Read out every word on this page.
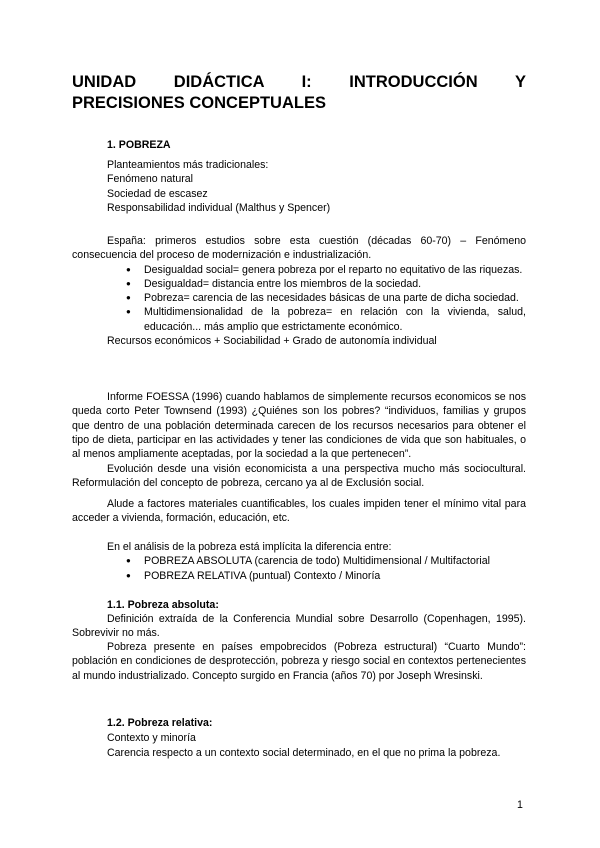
UNIDAD DIDÁCTICA I: INTRODUCCIÓN Y
PRECISIONES CONCEPTUALES
1. POBREZA
Planteamientos más tradicionales:
Fenómeno natural
Sociedad de escasez
Responsabilidad individual (Malthus y Spencer)
España: primeros estudios sobre esta cuestión (décadas 60-70) – Fenómeno consecuencia del proceso de modernización e industrialización.
● Desigualdad social= genera pobreza por el reparto no equitativo de las riquezas.
● Desigualdad= distancia entre los miembros de la sociedad.
● Pobreza= carencia de las necesidades básicas de una parte de dicha sociedad.
● Multidimensionalidad de la pobreza= en relación con la vivienda, salud, educación... más amplio que estrictamente económico.
Recursos económicos + Sociabilidad + Grado de autonomía individual
Informe FOESSA (1996) cuando hablamos de simplemente recursos economicos se nos queda corto Peter Townsend (1993) ¿Quiénes son los pobres? “individuos, familias y grupos que dentro de una población determinada carecen de los recursos necesarios para obtener el tipo de dieta, participar en las actividades y tener las condiciones de vida que son habituales, o al menos ampliamente aceptadas, por la sociedad a la que pertenecen”.
Evolución desde una visión economicista a una perspectiva mucho más sociocultural. Reformulación del concepto de pobreza, cercano ya al de Exclusión social.
Alude a factores materiales cuantificables, los cuales impiden tener el mínimo vital para acceder a vivienda, formación, educación, etc.
En el análisis de la pobreza está implícita la diferencia entre:
● POBREZA ABSOLUTA (carencia de todo) Multidimensional / Multifactorial
● POBREZA RELATIVA (puntual) Contexto / Minoría
1.1. Pobreza absoluta:
Definición extraída de la Conferencia Mundial sobre Desarrollo (Copenhagen, 1995). Sobrevivir no más.
Pobreza presente en países empobrecidos (Pobreza estructural) “Cuarto Mundo”: población en condiciones de desprotección, pobreza y riesgo social en contextos pertenecientes al mundo industrializado. Concepto surgido en Francia (años 70) por Joseph Wresinski.
1.2. Pobreza relativa:
Contexto y minoría
Carencia respecto a un contexto social determinado, en el que no prima la pobreza.
1
